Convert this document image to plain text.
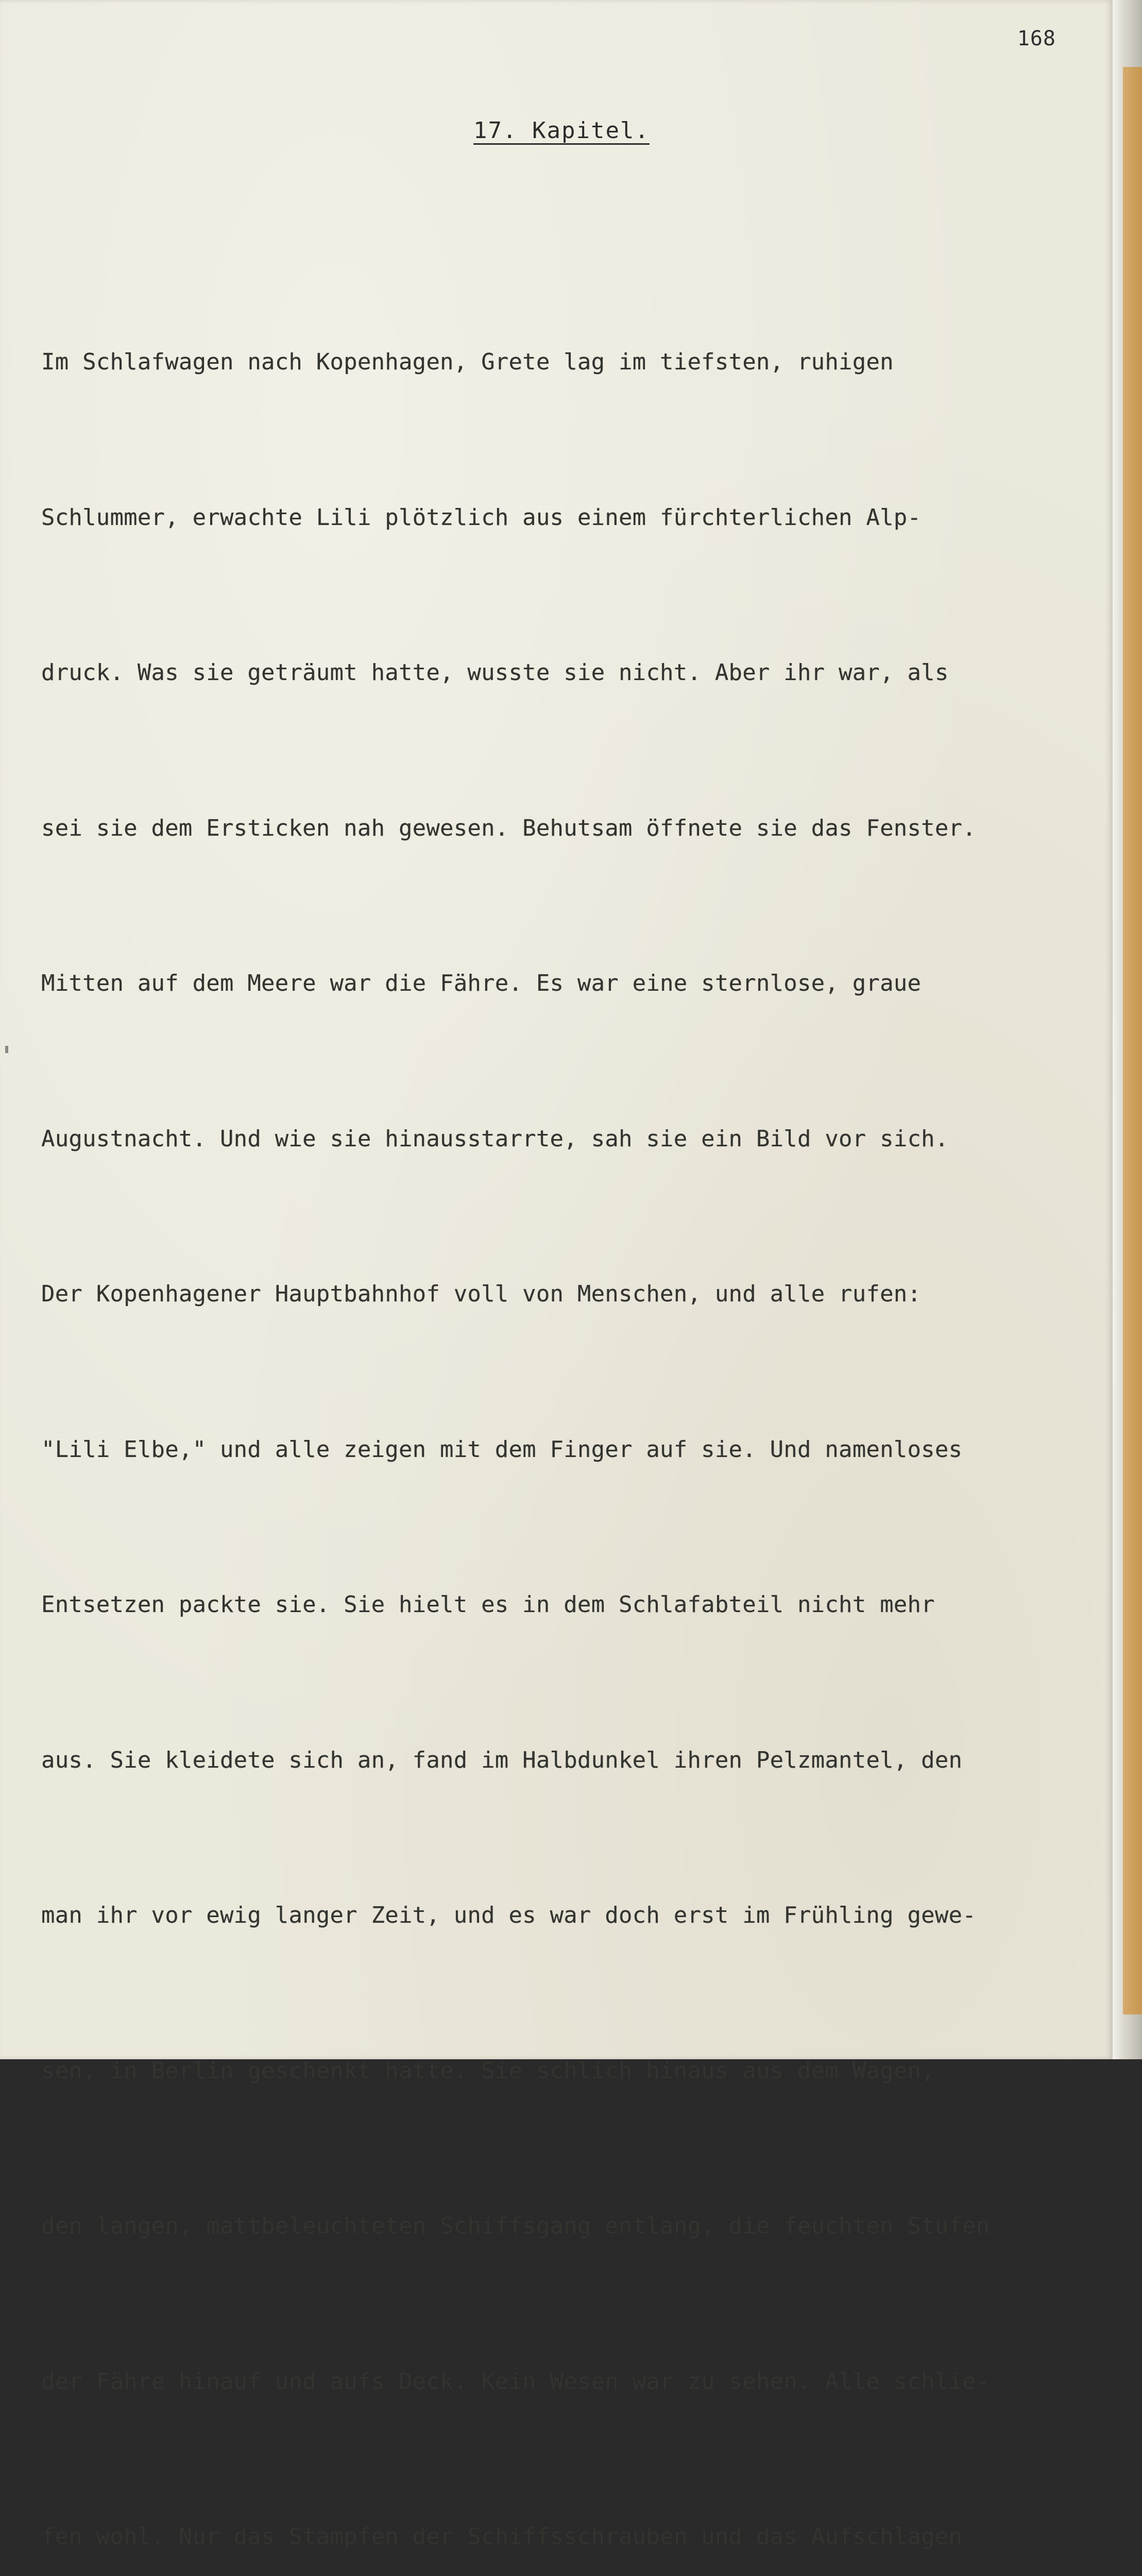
168
17. Kapitel.

Im Schlafwagen nach Kopenhagen, Grete lag im tiefsten, ruhigen

Schlummer, erwachte Lili plötzlich aus einem fürchterlichen Alp-

druck. Was sie geträumt hatte, wusste sie nicht. Aber ihr war, als

sei sie dem Ersticken nah gewesen. Behutsam öffnete sie das Fenster.

Mitten auf dem Meere war die Fähre. Es war eine sternlose, graue

Augustnacht. Und wie sie hinausstarrte, sah sie ein Bild vor sich.

Der Kopenhagener Hauptbahnhof voll von Menschen, und alle rufen:

"Lili Elbe," und alle zeigen mit dem Finger auf sie. Und namenloses

Entsetzen packte sie. Sie hielt es in dem Schlafabteil nicht mehr

aus. Sie kleidete sich an, fand im Halbdunkel ihren Pelzmantel, den

man ihr vor ewig langer Zeit, und es war doch erst im Frühling gewe-

sen, in Berlin geschenkt hatte. Sie schlich hinaus aus dem Wagen,

den langen, mattbeleuchteten Schiffsgang entlang, die feuchten Stufen

der Fähre hinauf und aufs Deck. Kein Wesen war zu sehen. Alle schlie-

fen wohl. Nur das Stampfen der Schiffsschrauben und das Aufschlagen
